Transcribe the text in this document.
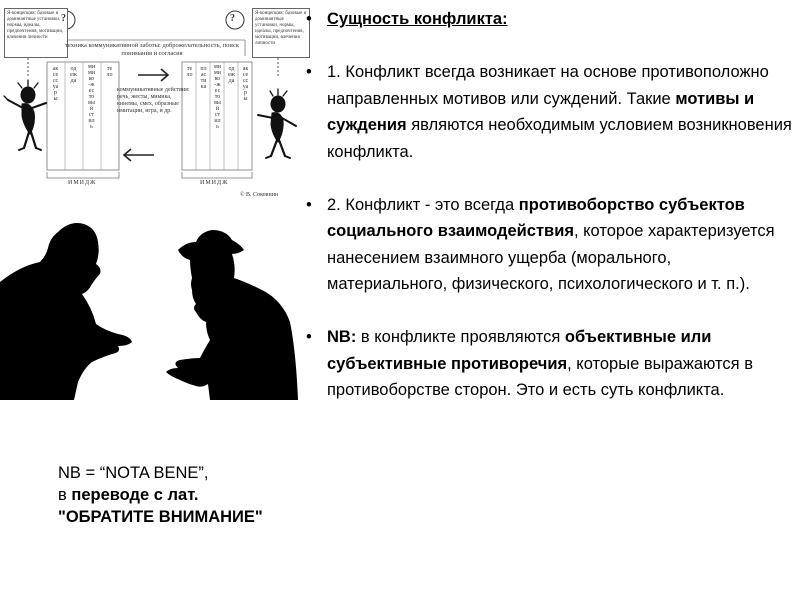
Я-концепция: базовые и доминантные установки, нормы, идеалы, предпочтения, мотивации, влечения личности
Я-концепция: базовые и доминантные установки, нормы, идеалы, предпочтения, мотивации, влечения личности
?	?
техника коммуникативной заботы: доброжелательность, поиск понимания и согласия
аксессуары
одежда
мимико-жестовый стиль
тело
коммуникативные действия: речь, жесты, мимика, кинемы, смех, образные имитации, игра, и др.
тело
пластика
мимико-жестовый стиль
одежда
аксессуары
ИМИДЖ	ИМИДЖ
© В. Соковнин
NB = “NOTA BENE”,
в переводе с лат.
"ОБРАТИТЕ ВНИМАНИЕ"
• Сущность конфликта:
• 1. Конфликт всегда возникает на основе противоположно направленных мотивов или суждений. Такие мотивы и суждения являются необходимым условием возникновения конфликта.
• 2. Конфликт - это всегда противоборство субъектов социального взаимодействия, которое характеризуется нанесением взаимного ущерба (морального, материального, физического, психологического и т. п.).
• NB: в конфликте проявляются объективные или субъективные противоречия, которые выражаются в противоборстве сторон. Это и есть суть конфликта.
